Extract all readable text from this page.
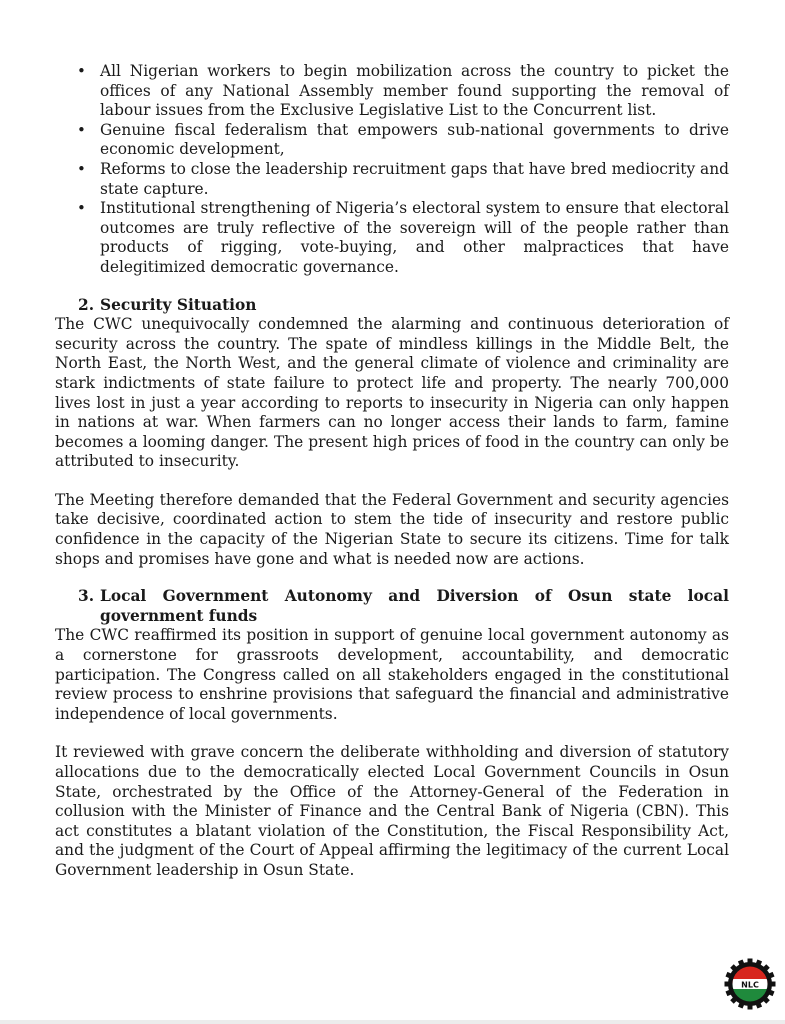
• All Nigerian workers to begin mobilization across the country to picket the offices of any National Assembly member found supporting the removal of labour issues from the Exclusive Legislative List to the Concurrent list.
• Genuine fiscal federalism that empowers sub-national governments to drive economic development,
• Reforms to close the leadership recruitment gaps that have bred mediocrity and state capture.
• Institutional strengthening of Nigeria’s electoral system to ensure that electoral outcomes are truly reflective of the sovereign will of the people rather than products of rigging, vote-buying, and other malpractices that have delegitimized democratic governance.
2. Security Situation

The CWC unequivocally condemned the alarming and continuous deterioration of security across the country. The spate of mindless killings in the Middle Belt, the North East, the North West, and the general climate of violence and criminality are stark indictments of state failure to protect life and property. The nearly 700,000 lives lost in just a year according to reports to insecurity in Nigeria can only happen in nations at war. When farmers can no longer access their lands to farm, famine becomes a looming danger. The present high prices of food in the country can only be attributed to insecurity.

The Meeting therefore demanded that the Federal Government and security agencies take decisive, coordinated action to stem the tide of insecurity and restore public confidence in the capacity of the Nigerian State to secure its citizens. Time for talk shops and promises have gone and what is needed now are actions.

3. Local Government Autonomy and Diversion of Osun state local government funds

The CWC reaffirmed its position in support of genuine local government autonomy as a cornerstone for grassroots development, accountability, and democratic participation. The Congress called on all stakeholders engaged in the constitutional review process to enshrine provisions that safeguard the financial and administrative independence of local governments.

It reviewed with grave concern the deliberate withholding and diversion of statutory allocations due to the democratically elected Local Government Councils in Osun State, orchestrated by the Office of the Attorney-General of the Federation in collusion with the Minister of Finance and the Central Bank of Nigeria (CBN). This act constitutes a blatant violation of the Constitution, the Fiscal Responsibility Act, and the judgment of the Court of Appeal affirming the legitimacy of the current Local Government leadership in Osun State.

NLC
